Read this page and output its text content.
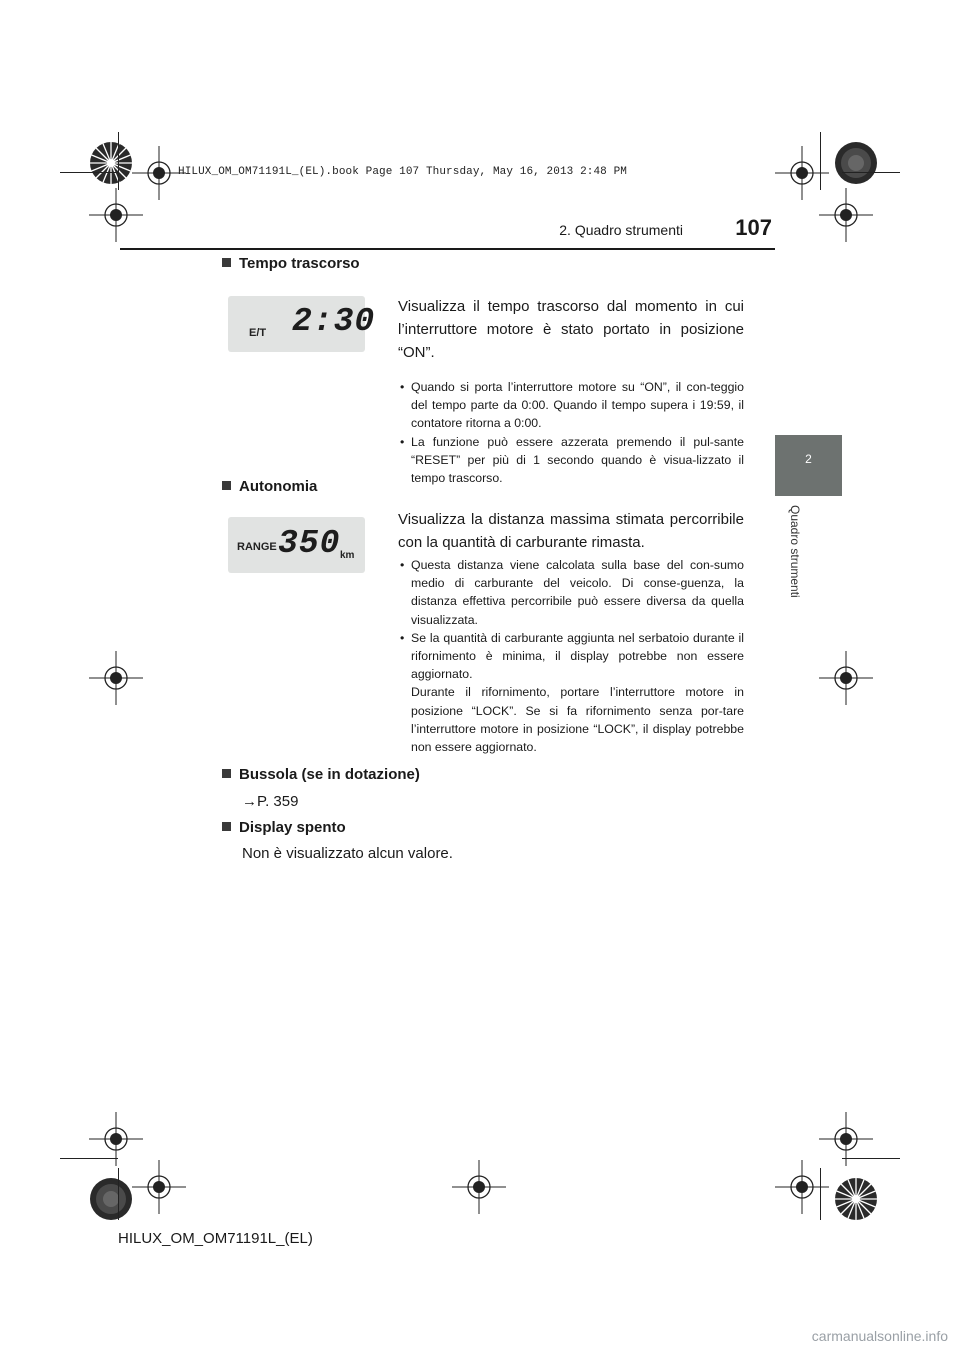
HILUX_OM_OM71191L_(EL).book Page 107 Thursday, May 16, 2013 2:48 PM
2. Quadro strumenti 107
2
Quadro strumenti
Tempo trascorso
E/T 2:30 Visualizza il tempo trascorso dal momento in cui l’interruttore motore è stato portato in posizione “ON”.
• Quando si porta l’interruttore motore su “ON”, il con-teggio del tempo parte da 0:00. Quando il tempo supera i 19:59, il contatore ritorna a 0:00.
• La funzione può essere azzerata premendo il pul-sante “RESET” per più di 1 secondo quando è visua-lizzato il tempo trascorso.
Autonomia
RANGE 350 km
Visualizza la distanza massima stimata percorribile con la quantità di carburante rimasta.
• Questa distanza viene calcolata sulla base del con-sumo medio di carburante del veicolo. Di conse-guenza, la distanza effettiva percorribile può essere diversa da quella visualizzata.
• Se la quantità di carburante aggiunta nel serbatoio durante il rifornimento è minima, il display potrebbe non essere aggiornato.
Durante il rifornimento, portare l’interruttore motore in posizione “LOCK”. Se si fa rifornimento senza por-tare l’interruttore motore in posizione “LOCK”, il display potrebbe non essere aggiornato.
Bussola (se in dotazione)
→P. 359
Display spento
Non è visualizzato alcun valore.
HILUX_OM_OM71191L_(EL)
carmanualsonline.info
